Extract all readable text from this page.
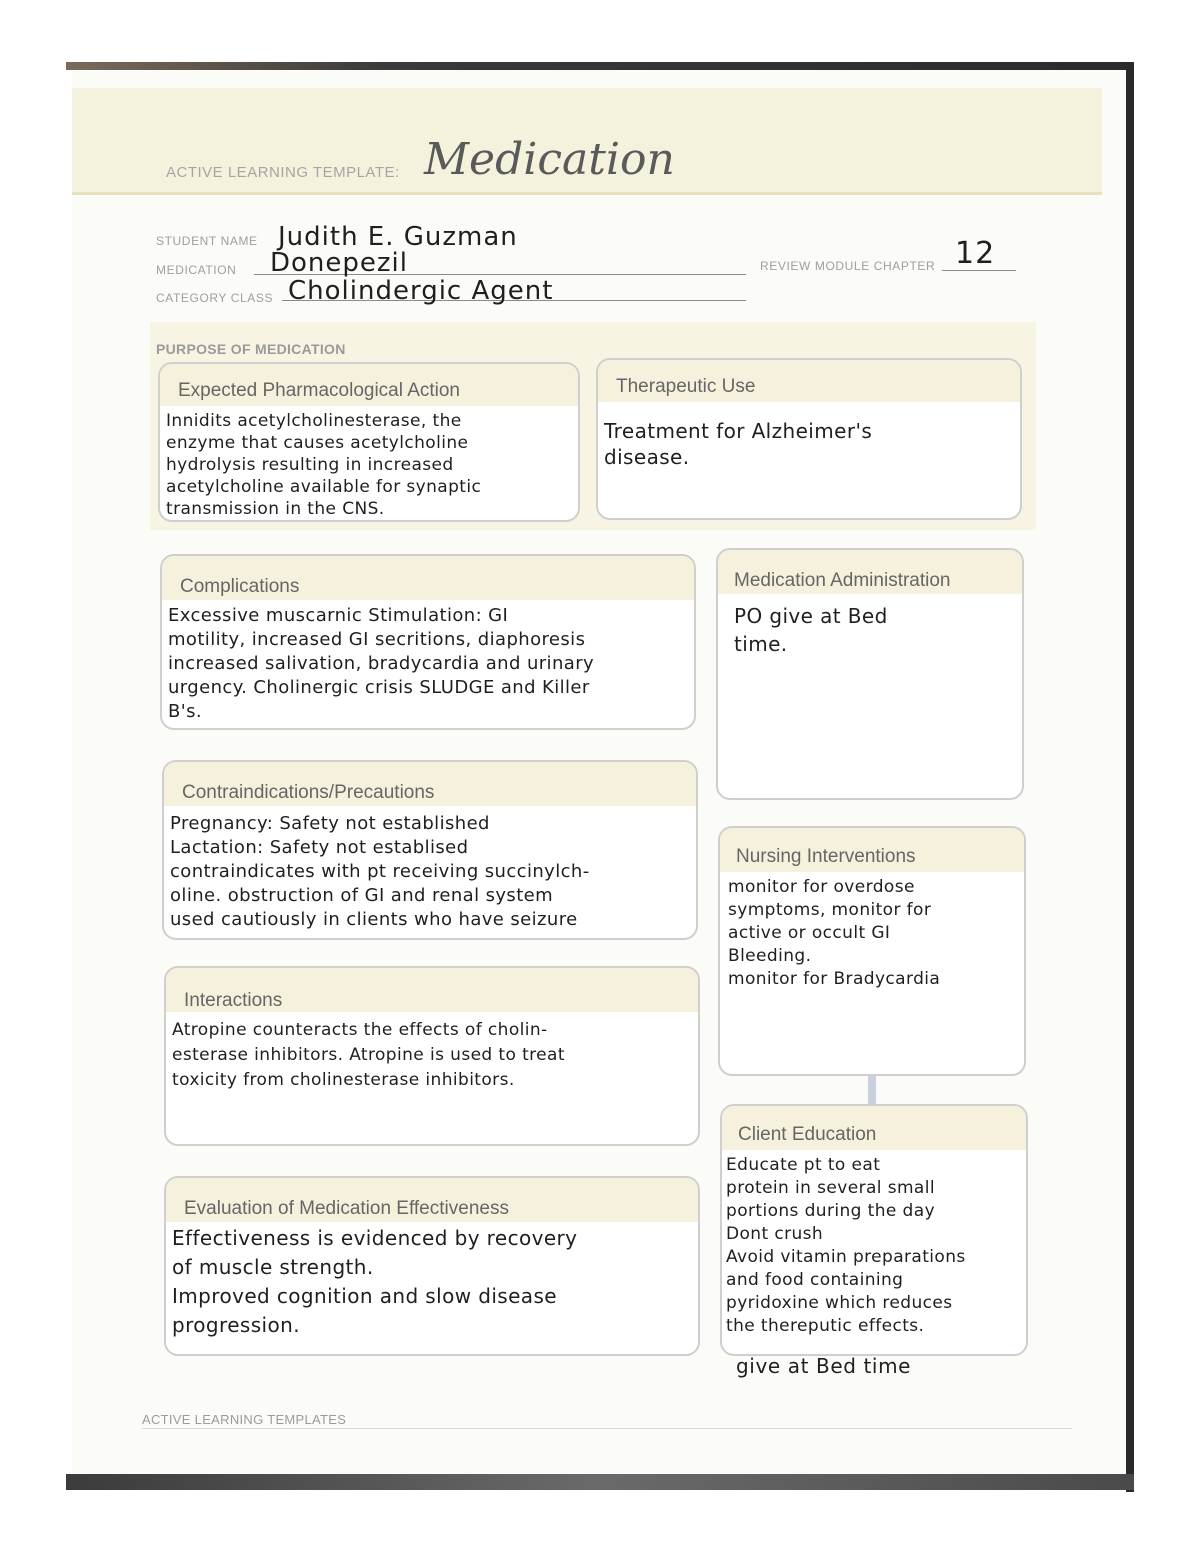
ACTIVE LEARNING TEMPLATE: Medication
STUDENT NAME Judith E. Guzman
MEDICATION Donepezil	REVIEW MODULE CHAPTER 12
CATEGORY CLASS Cholindergic Agent
PURPOSE OF MEDICATION
Expected Pharmacological Action
Innidits acetylcholinesterase, the
enzyme that causes acetylcholine
hydrolysis resulting in increased
acetylcholine available for synaptic
transmission in the CNS.
Therapeutic Use
Treatment for Alzheimer's
disease.
Complications
Excessive muscarnic Stimulation: GI
motility, increased GI secritions, diaphoresis
increased salivation, bradycardia and urinary
urgency. Cholinergic crisis SLUDGE and Killer
B's.
Contraindications/Precautions
Pregnancy: Safety not established
Lactation: Safety not establised
contraindicates with pt receiving succinylch-
oline. obstruction of GI and renal system
used cautiously in clients who have seizure
Interactions
Atropine counteracts the effects of cholin-
esterase inhibitors. Atropine is used to treat
toxicity from cholinesterase inhibitors.
Evaluation of Medication Effectiveness
Effectiveness is evidenced by recovery
of muscle strength.
Improved cognition and slow disease
progression.
Medication Administration
PO give at Bed
time.
Nursing Interventions
monitor for overdose
symptoms, monitor for
active or occult GI
Bleeding.
monitor for Bradycardia
Client Education
Educate pt to eat
protein in several small
portions during the day
Dont crush
Avoid vitamin preparations
and food containing
pyridoxine which reduces
the thereputic effects.
give at Bed time
ACTIVE LEARNING TEMPLATES
